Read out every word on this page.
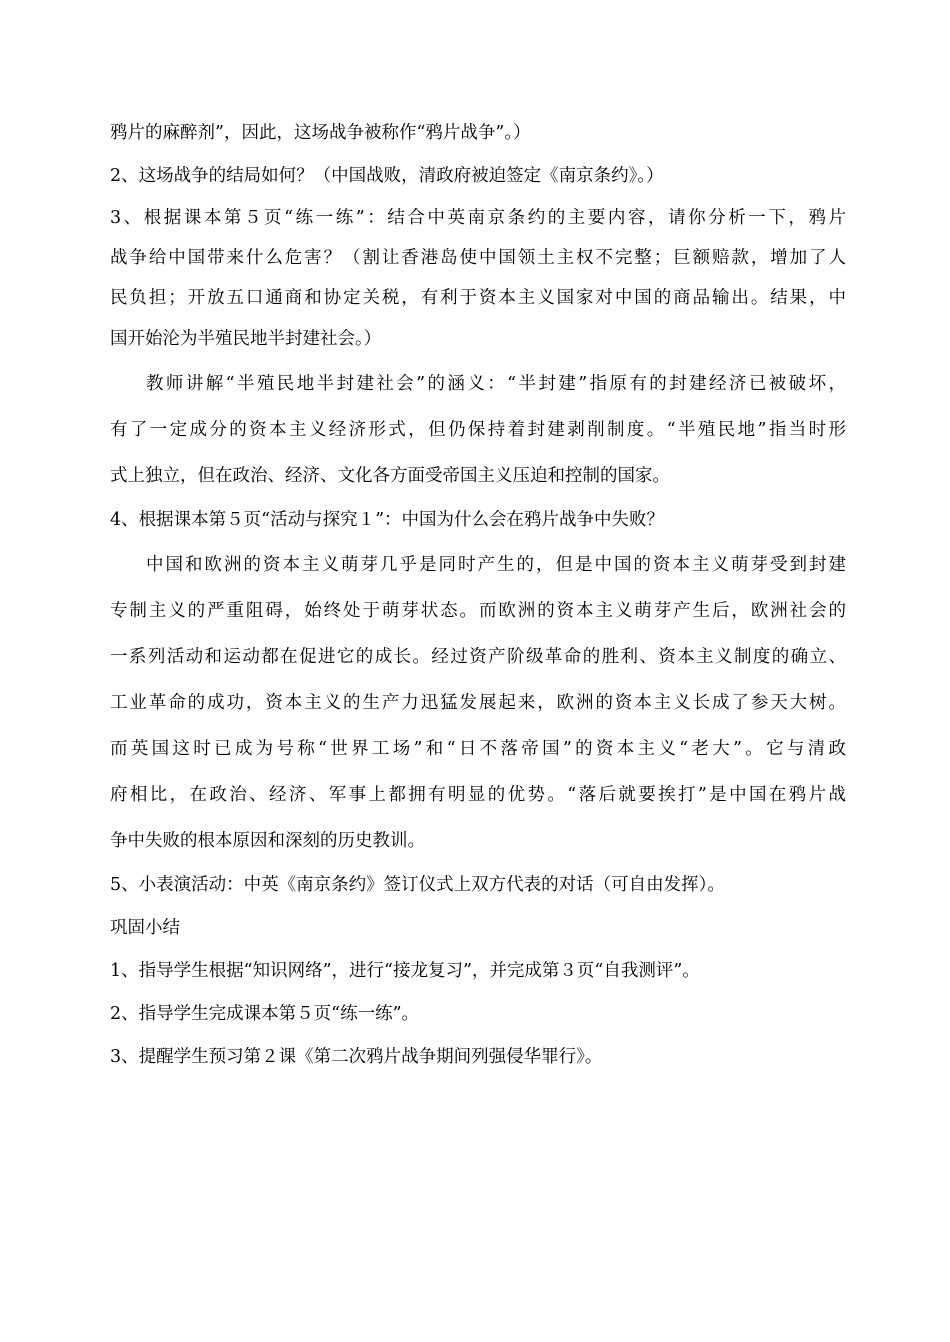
鸦片的麻醉剂”，因此，这场战争被称作“鸦片战争”。）
2、这场战争的结局如何？（中国战败，清政府被迫签定《南京条约》。）
3、根据课本第５页“练一练”：结合中英南京条约的主要内容，请你分析一下，鸦片
战争给中国带来什么危害？（割让香港岛使中国领土主权不完整；巨额赔款，增加了人
民负担；开放五口通商和协定关税，有利于资本主义国家对中国的商品输出。结果，中
国开始沦为半殖民地半封建社会。）
教师讲解“半殖民地半封建社会”的涵义：“半封建”指原有的封建经济已被破坏，
有了一定成分的资本主义经济形式，但仍保持着封建剥削制度。“半殖民地”指当时形
式上独立，但在政治、经济、文化各方面受帝国主义压迫和控制的国家。
4、根据课本第５页“活动与探究１”：中国为什么会在鸦片战争中失败？
中国和欧洲的资本主义萌芽几乎是同时产生的，但是中国的资本主义萌芽受到封建
专制主义的严重阻碍，始终处于萌芽状态。而欧洲的资本主义萌芽产生后，欧洲社会的
一系列活动和运动都在促进它的成长。经过资产阶级革命的胜利、资本主义制度的确立、
工业革命的成功，资本主义的生产力迅猛发展起来，欧洲的资本主义长成了参天大树。
而英国这时已成为号称“世界工场”和“日不落帝国”的资本主义“老大”。它与清政
府相比，在政治、经济、军事上都拥有明显的优势。“落后就要挨打”是中国在鸦片战
争中失败的根本原因和深刻的历史教训。
5、小表演活动：中英《南京条约》签订仪式上双方代表的对话（可自由发挥）。
巩固小结
1、指导学生根据“知识网络”，进行“接龙复习”，并完成第３页“自我测评”。
2、指导学生完成课本第５页“练一练”。
3、提醒学生预习第２课《第二次鸦片战争期间列强侵华罪行》。
